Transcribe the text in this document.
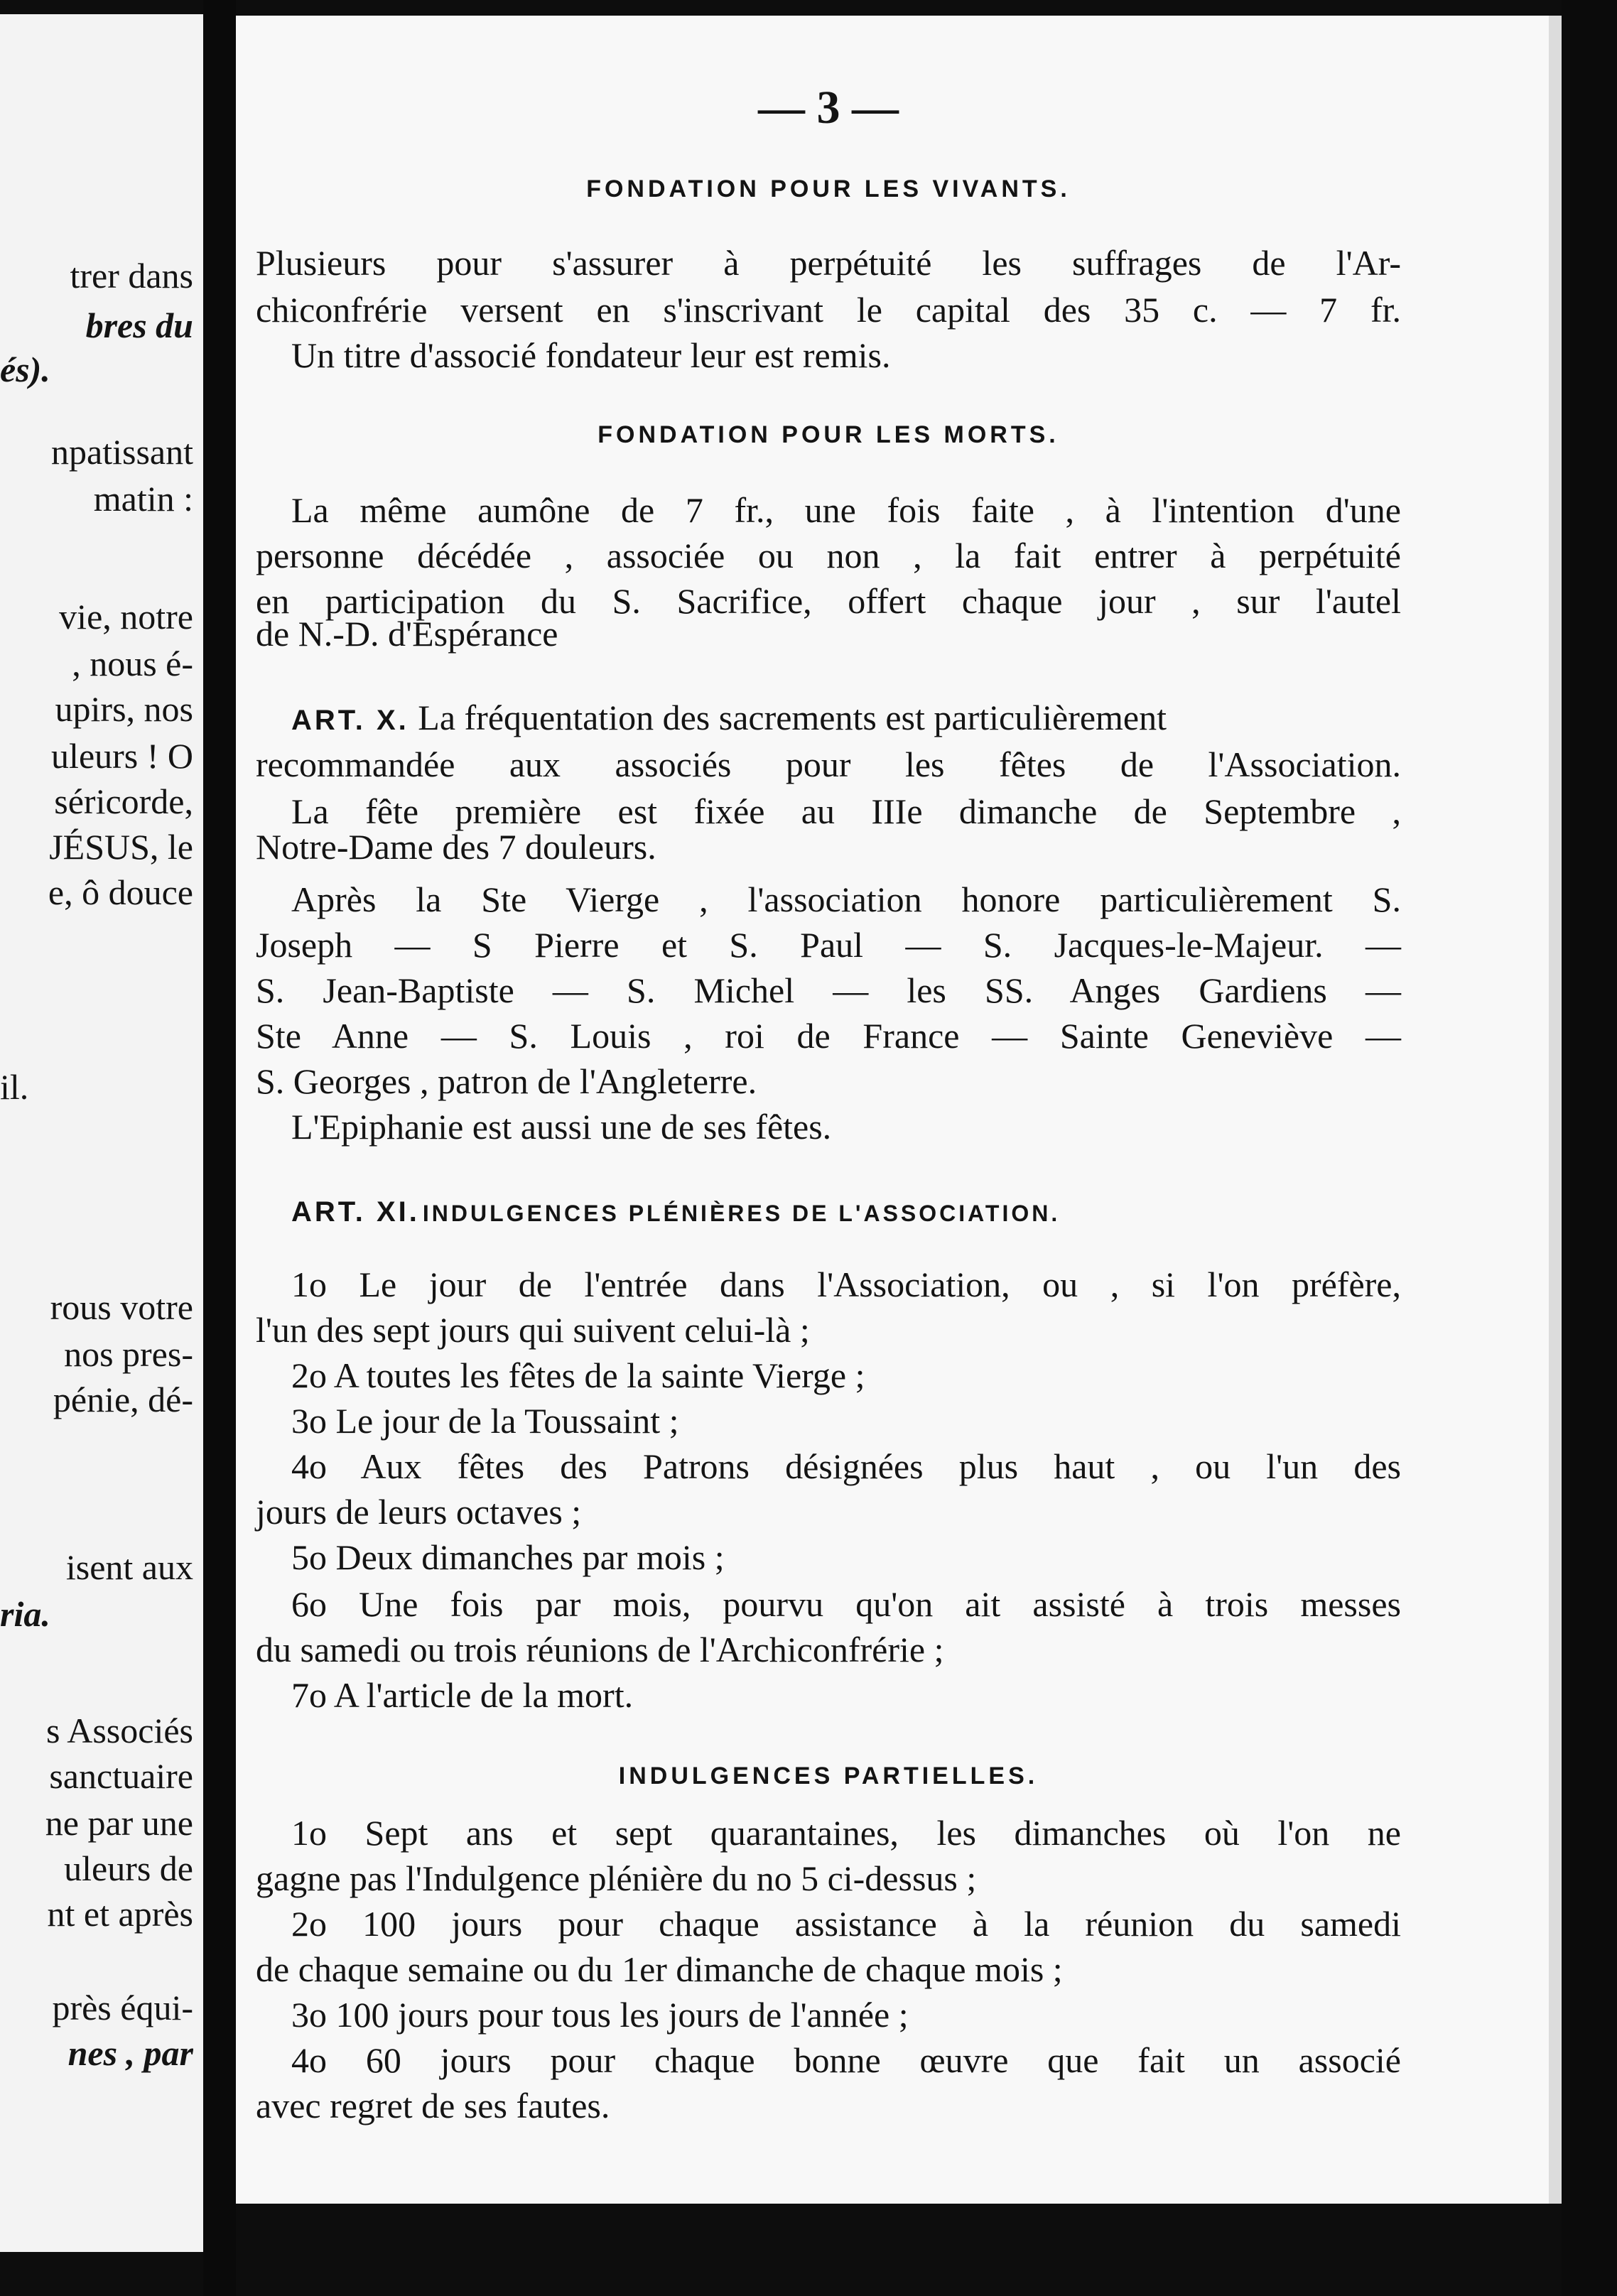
trer dans
bres du
és).
npatissant
matin :
vie, notre
, nous é-
upirs, nos
uleurs ! O
séricorde,
JÉSUS, le
e, ô douce
il.
rous votre
nos pres-
pénie, dé-
isent aux
ria.
s Associés
sanctuaire
ne par une
uleurs de
nt et après
près équi-
nes , par
— 3 —
FONDATION POUR LES VIVANTS.
Plusieurs pour s'assurer à perpétuité les suffrages de l'Ar-
chiconfrérie versent en s'inscrivant le capital des 35 c. — 7 fr.
Un titre d'associé fondateur leur est remis.
FONDATION POUR LES MORTS.
La même aumône de 7 fr., une fois faite , à l'intention d'une
personne décédée , associée ou non , la fait entrer à perpétuité
en participation du S. Sacrifice, offert chaque jour , sur l'autel
de N.-D. d'Espérance
ART. X. La fréquentation des sacrements est particulièrement
recommandée aux associés pour les fêtes de l'Association.
La fête première est fixée au IIIe dimanche de Septembre ,
Notre-Dame des 7 douleurs.
Après la Ste Vierge , l'association honore particulièrement S.
Joseph — S Pierre et S. Paul — S. Jacques-le-Majeur. —
S. Jean-Baptiste — S. Michel — les SS. Anges Gardiens —
Ste Anne — S. Louis , roi de France — Sainte Geneviève —
S. Georges , patron de l'Angleterre.
L'Epiphanie est aussi une de ses fêtes.
ART. XI. INDULGENCES PLÉNIÈRES DE L'ASSOCIATION.
1o Le jour de l'entrée dans l'Association, ou , si l'on préfère,
l'un des sept jours qui suivent celui-là ;
2o A toutes les fêtes de la sainte Vierge ;
3o Le jour de la Toussaint ;
4o Aux fêtes des Patrons désignées plus haut , ou l'un des
jours de leurs octaves ;
5o Deux dimanches par mois ;
6o Une fois par mois, pourvu qu'on ait assisté à trois messes
du samedi ou trois réunions de l'Archiconfrérie ;
7o A l'article de la mort.
INDULGENCES PARTIELLES.
1o Sept ans et sept quarantaines, les dimanches où l'on ne
gagne pas l'Indulgence plénière du no 5 ci-dessus ;
2o 100 jours pour chaque assistance à la réunion du samedi
de chaque semaine ou du 1er dimanche de chaque mois ;
3o 100 jours pour tous les jours de l'année ;
4o 60 jours pour chaque bonne œuvre que fait un associé
avec regret de ses fautes.
